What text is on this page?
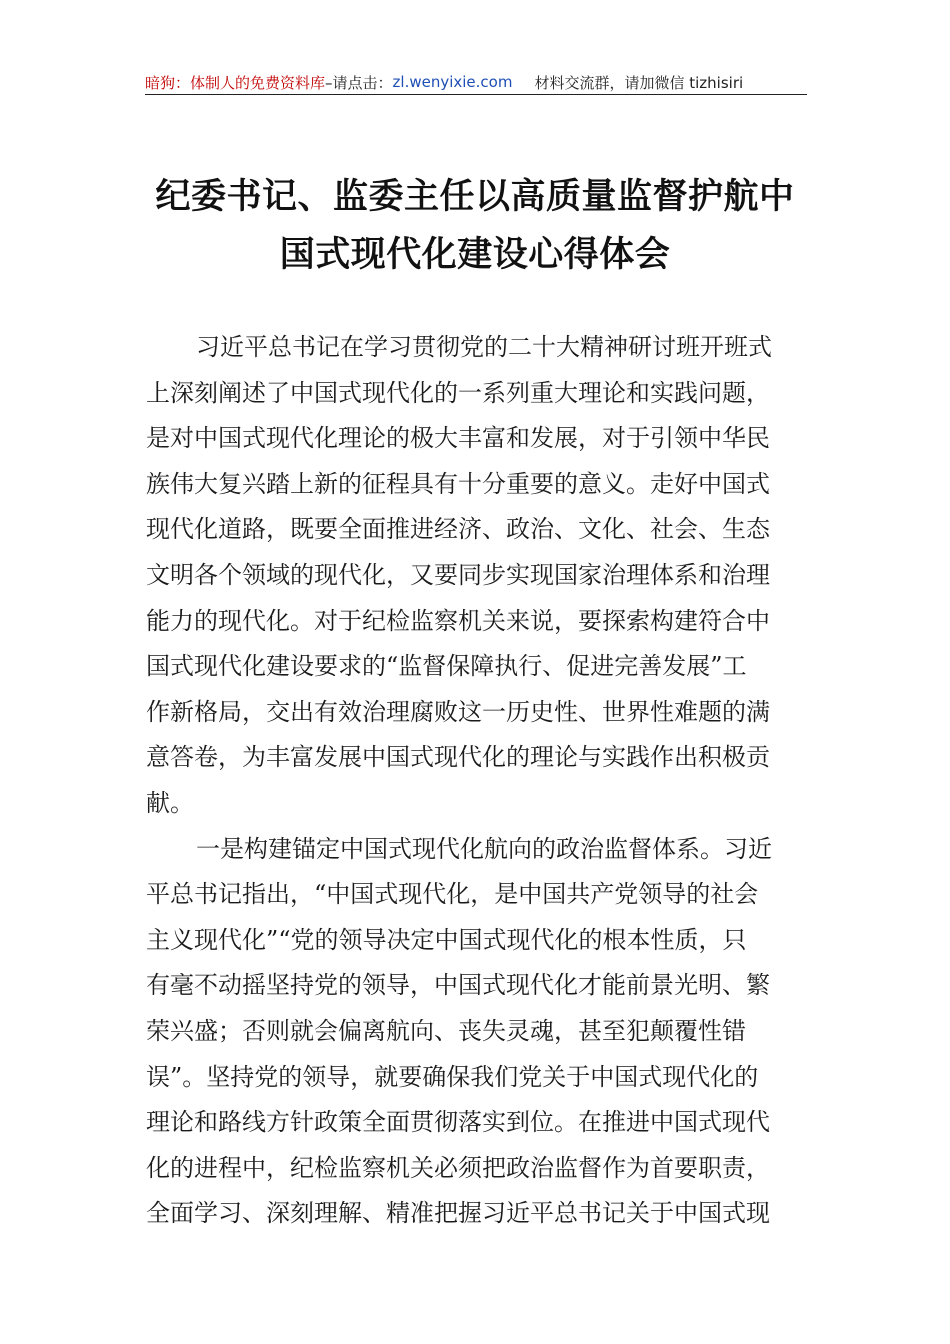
暗狗：体制人的免费资料库 –请点击： zl.wenyixie.com 材料交流群，请加微信 tizhisiri
纪委书记、监委主任以高质量监督护航中
国式现代化建设心得体会
习近平总书记在学习贯彻党的二十大精神研讨班开班式
上深刻阐述了中国式现代化的一系列重大理论和实践问题，
是对中国式现代化理论的极大丰富和发展，对于引领中华民
族伟大复兴踏上新的征程具有十分重要的意义。走好中国式
现代化道路，既要全面推进经济、政治、文化、社会、生态
文明各个领域的现代化，又要同步实现国家治理体系和治理
能力的现代化。对于纪检监察机关来说，要探索构建符合中
国式现代化建设要求的“监督保障执行、促进完善发展”工
作新格局，交出有效治理腐败这一历史性、世界性难题的满
意答卷，为丰富发展中国式现代化的理论与实践作出积极贡
献。
一是构建锚定中国式现代化航向的政治监督体系。习近
平总书记指出，“中国式现代化，是中国共产党领导的社会
主义现代化”“党的领导决定中国式现代化的根本性质，只
有毫不动摇坚持党的领导，中国式现代化才能前景光明、繁
荣兴盛；否则就会偏离航向、丧失灵魂，甚至犯颠覆性错
误”。坚持党的领导，就要确保我们党关于中国式现代化的
理论和路线方针政策全面贯彻落实到位。在推进中国式现代
化的进程中，纪检监察机关必须把政治监督作为首要职责，
全面学习、深刻理解、精准把握习近平总书记关于中国式现
